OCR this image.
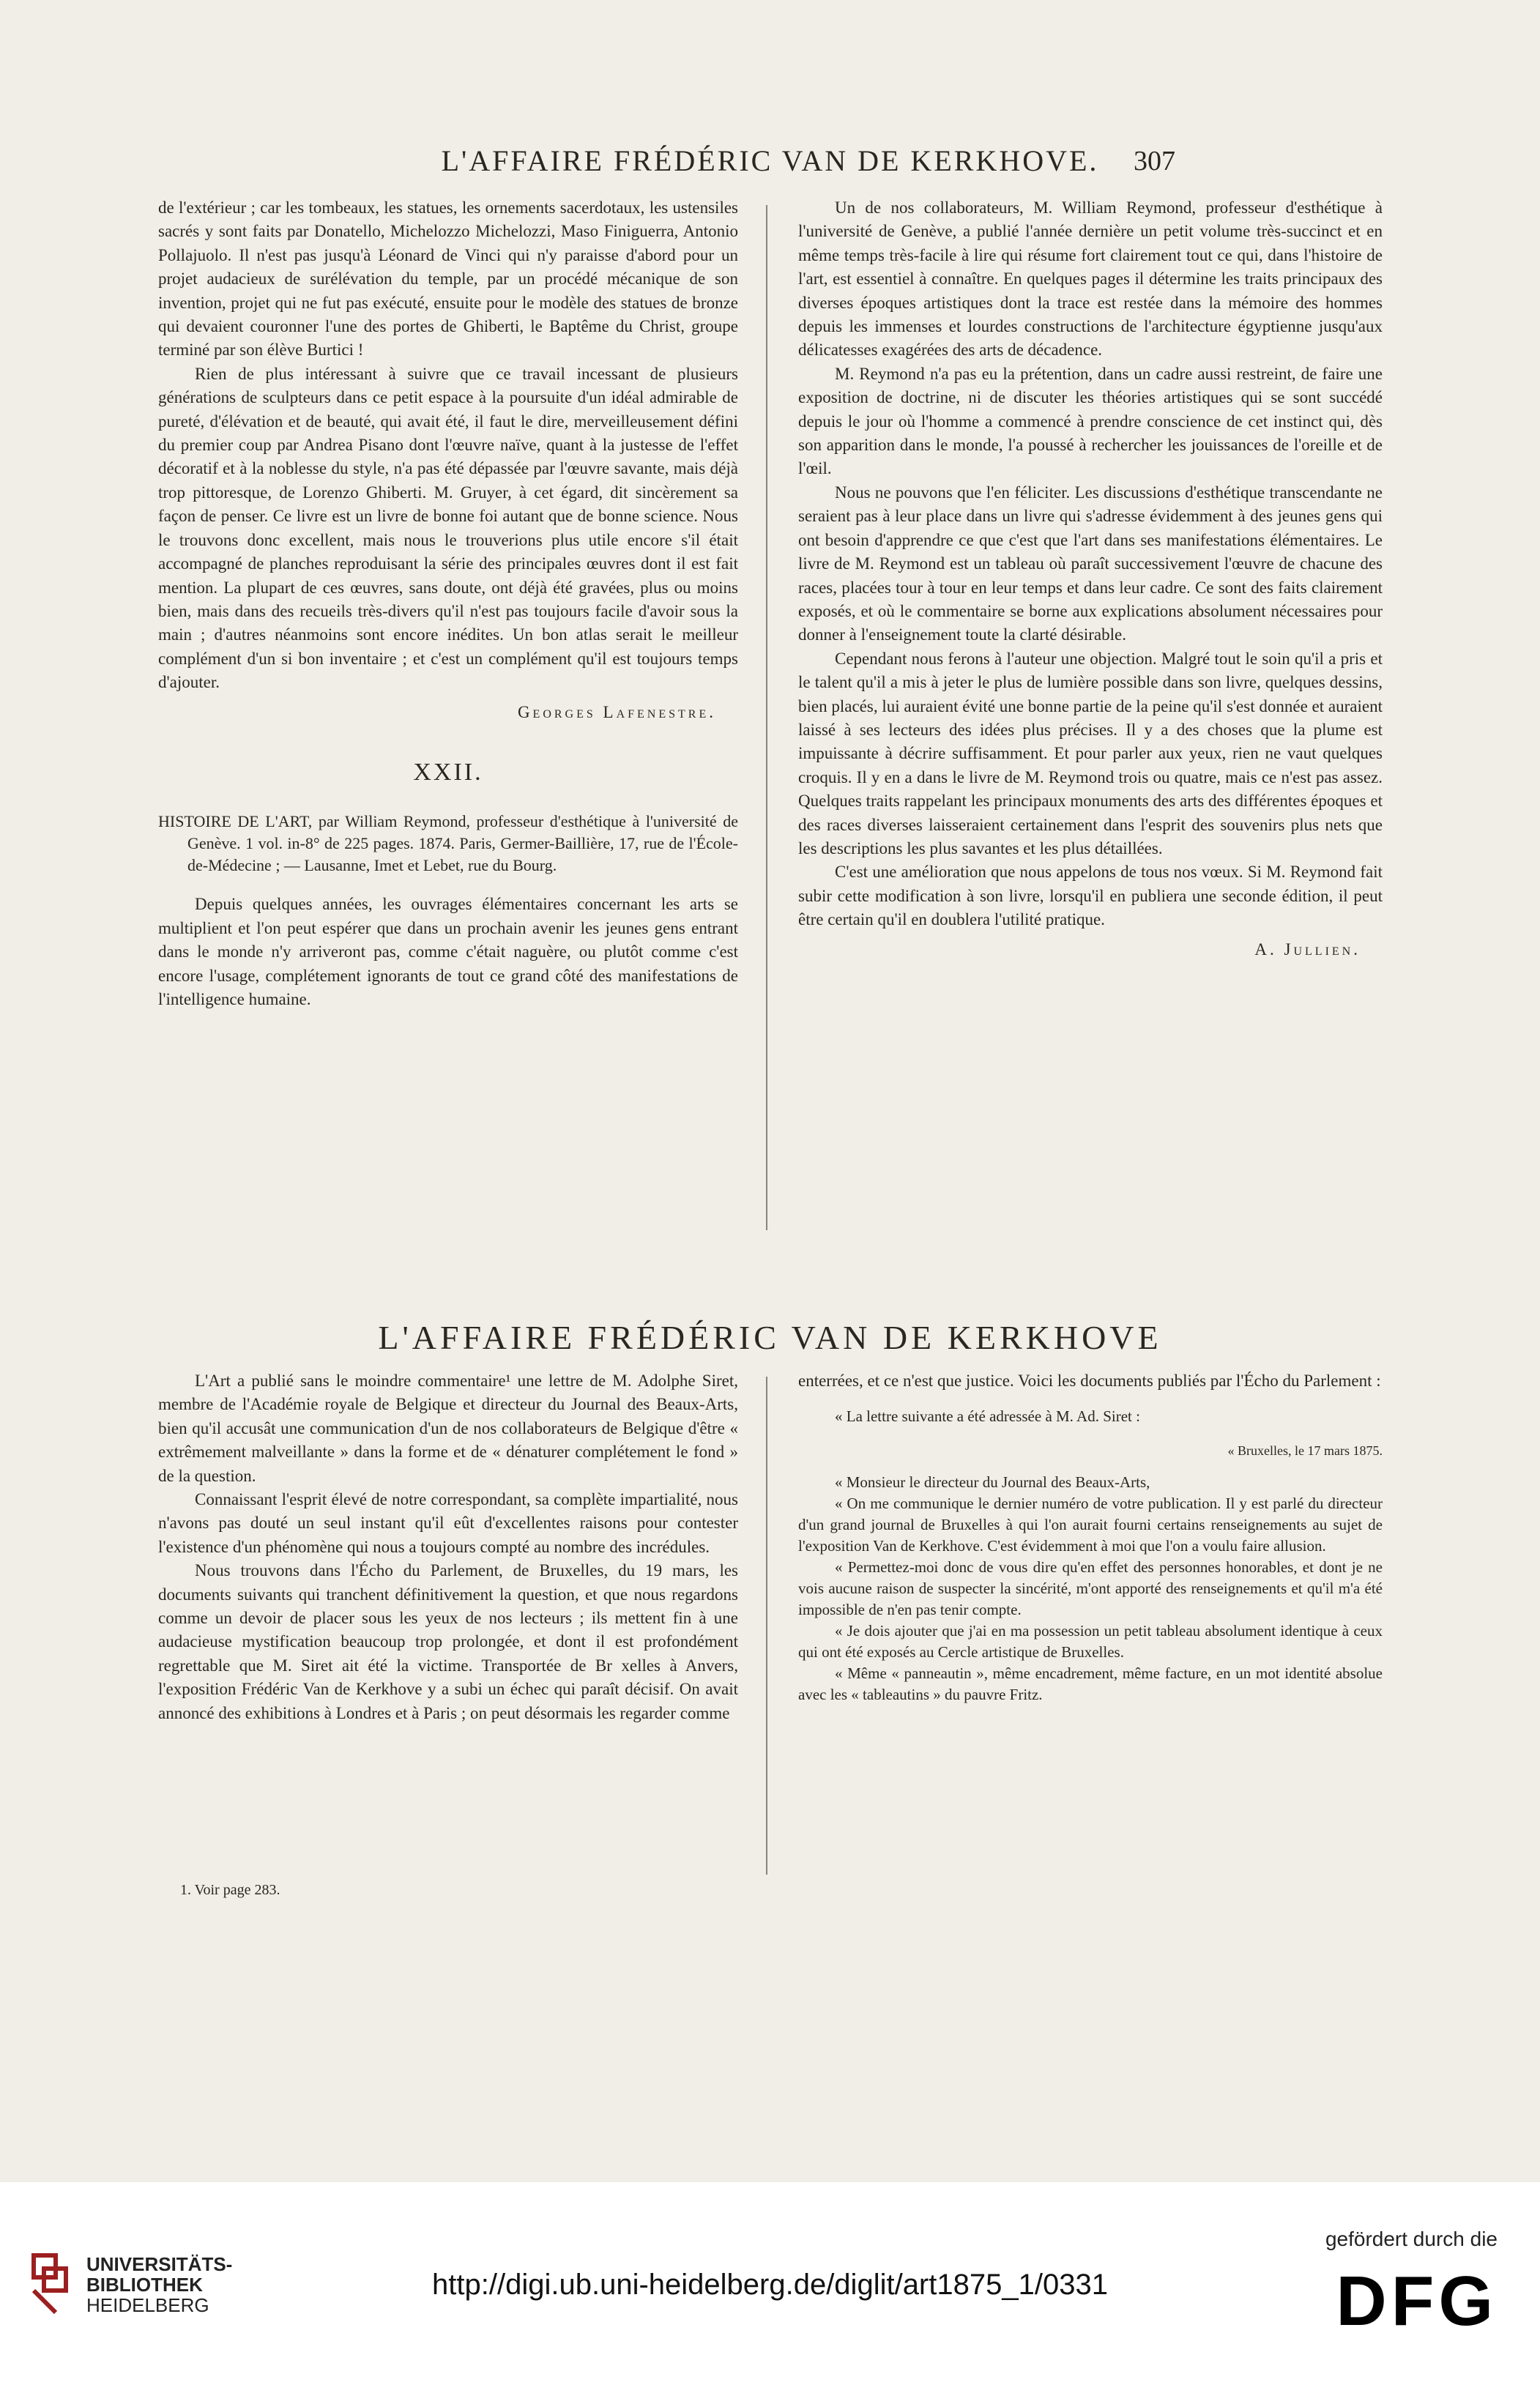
L'AFFAIRE FRÉDÉRIC VAN DE KERKHOVE.	307

de l'extérieur ; car les tombeaux, les statues, les ornements sacerdotaux, les ustensiles sacrés y sont faits par Donatello, Michelozzo Michelozzi, Maso Finiguerra, Antonio Pollajuolo. Il n'est pas jusqu'à Léonard de Vinci qui n'y paraisse d'abord pour un projet audacieux de surélévation du temple, par un procédé mécanique de son invention, projet qui ne fut pas exécuté, ensuite pour le modèle des statues de bronze qui devaient couronner l'une des portes de Ghiberti, le Baptême du Christ, groupe terminé par son élève Burtici !

Rien de plus intéressant à suivre que ce travail incessant de plusieurs générations de sculpteurs dans ce petit espace à la poursuite d'un idéal admirable de pureté, d'élévation et de beauté, qui avait été, il faut le dire, merveilleusement défini du premier coup par Andrea Pisano dont l'œuvre naïve, quant à la justesse de l'effet décoratif et à la noblesse du style, n'a pas été dépassée par l'œuvre savante, mais déjà trop pittoresque, de Lorenzo Ghiberti. M. Gruyer, à cet égard, dit sincèrement sa façon de penser. Ce livre est un livre de bonne foi autant que de bonne science. Nous le trouvons donc excellent, mais nous le trouverions plus utile encore s'il était accompagné de planches reproduisant la série des principales œuvres dont il est fait mention. La plupart de ces œuvres, sans doute, ont déjà été gravées, plus ou moins bien, mais dans des recueils très-divers qu'il n'est pas toujours facile d'avoir sous la main ; d'autres néanmoins sont encore inédites. Un bon atlas serait le meilleur complément d'un si bon inventaire ; et c'est un complément qu'il est toujours temps d'ajouter.

Georges Lafenestre.
XXII.

HISTOIRE DE L'ART, par William Reymond, professeur d'esthétique à l'université de Genève. 1 vol. in-8° de 225 pages. 1874. Paris, Germer-Baillière, 17, rue de l'École-de-Médecine ; — Lausanne, Imet et Lebet, rue du Bourg.

Depuis quelques années, les ouvrages élémentaires concernant les arts se multiplient et l'on peut espérer que dans un prochain avenir les jeunes gens entrant dans le monde n'y arriveront pas, comme c'était naguère, ou plutôt comme c'est encore l'usage, complétement ignorants de tout ce grand côté des manifestations de l'intelligence humaine.

Un de nos collaborateurs, M. William Reymond, professeur d'esthétique à l'université de Genève, a publié l'année dernière un petit volume très-succinct et en même temps très-facile à lire qui résume fort clairement tout ce qui, dans l'histoire de l'art, est essentiel à connaître. En quelques pages il détermine les traits principaux des diverses époques artistiques dont la trace est restée dans la mémoire des hommes depuis les immenses et lourdes constructions de l'architecture égyptienne jusqu'aux délicatesses exagérées des arts de décadence.

M. Reymond n'a pas eu la prétention, dans un cadre aussi restreint, de faire une exposition de doctrine, ni de discuter les théories artistiques qui se sont succédé depuis le jour où l'homme a commencé à prendre conscience de cet instinct qui, dès son apparition dans le monde, l'a poussé à rechercher les jouissances de l'oreille et de l'œil.

Nous ne pouvons que l'en féliciter. Les discussions d'esthétique transcendante ne seraient pas à leur place dans un livre qui s'adresse évidemment à des jeunes gens qui ont besoin d'apprendre ce que c'est que l'art dans ses manifestations élémentaires. Le livre de M. Reymond est un tableau où paraît successivement l'œuvre de chacune des races, placées tour à tour en leur temps et dans leur cadre. Ce sont des faits clairement exposés, et où le commentaire se borne aux explications absolument nécessaires pour donner à l'enseignement toute la clarté désirable.

Cependant nous ferons à l'auteur une objection. Malgré tout le soin qu'il a pris et le talent qu'il a mis à jeter le plus de lumière possible dans son livre, quelques dessins, bien placés, lui auraient évité une bonne partie de la peine qu'il s'est donnée et auraient laissé à ses lecteurs des idées plus précises. Il y a des choses que la plume est impuissante à décrire suffisamment. Et pour parler aux yeux, rien ne vaut quelques croquis. Il y en a dans le livre de M. Reymond trois ou quatre, mais ce n'est pas assez. Quelques traits rappelant les principaux monuments des arts des différentes époques et des races diverses laisseraient certainement dans l'esprit des souvenirs plus nets que les descriptions les plus savantes et les plus détaillées.

C'est une amélioration que nous appelons de tous nos vœux. Si M. Reymond fait subir cette modification à son livre, lorsqu'il en publiera une seconde édition, il peut être certain qu'il en doublera l'utilité pratique.

A. Jullien.
L'AFFAIRE FRÉDÉRIC VAN DE KERKHOVE

L'Art a publié sans le moindre commentaire¹ une lettre de M. Adolphe Siret, membre de l'Académie royale de Belgique et directeur du Journal des Beaux-Arts, bien qu'il accusât une communication d'un de nos collaborateurs de Belgique d'être « extrêmement malveillante » dans la forme et de « dénaturer complétement le fond » de la question.

Connaissant l'esprit élevé de notre correspondant, sa complète impartialité, nous n'avons pas douté un seul instant qu'il eût d'excellentes raisons pour contester l'existence d'un phénomène qui nous a toujours compté au nombre des incrédules.

Nous trouvons dans l'Écho du Parlement, de Bruxelles, du 19 mars, les documents suivants qui tranchent définitivement la question, et que nous regardons comme un devoir de placer sous les yeux de nos lecteurs ; ils mettent fin à une audacieuse mystification beaucoup trop prolongée, et dont il est profondément regrettable que M. Siret ait été la victime. Transportée de Br xelles à Anvers, l'exposition Frédéric Van de Kerkhove y a subi un échec qui paraît décisif. On avait annoncé des exhibitions à Londres et à Paris ; on peut désormais les regarder comme

enterrées, et ce n'est que justice. Voici les documents publiés par l'Écho du Parlement :

« La lettre suivante a été adressée à M. Ad. Siret :

« Bruxelles, le 17 mars 1875.

« Monsieur le directeur du Journal des Beaux-Arts,

« On me communique le dernier numéro de votre publication. Il y est parlé du directeur d'un grand journal de Bruxelles à qui l'on aurait fourni certains renseignements au sujet de l'exposition Van de Kerkhove. C'est évidemment à moi que l'on a voulu faire allusion.

« Permettez-moi donc de vous dire qu'en effet des personnes honorables, et dont je ne vois aucune raison de suspecter la sincérité, m'ont apporté des renseignements et qu'il m'a été impossible de n'en pas tenir compte.

« Je dois ajouter que j'ai en ma possession un petit tableau absolument identique à ceux qui ont été exposés au Cercle artistique de Bruxelles.

« Même « panneautin », même encadrement, même facture, en un mot identité absolue avec les « tableautins » du pauvre Fritz.

1. Voir page 283.
UNIVERSITÄTS-
BIBLIOTHEK
HEIDELBERG
http://digi.ub.uni-heidelberg.de/diglit/art1875_1/0331
gefördert durch die
DFG
